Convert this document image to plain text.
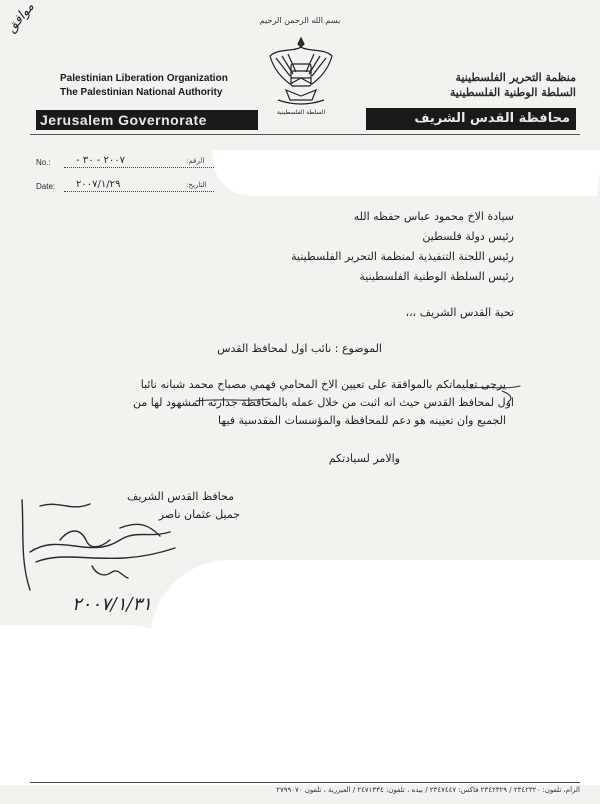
بسم الله الرحمن الرحيم
السلطة الفلسطينية
Palestinian Liberation Organization
The Palestinian National Authority
Jerusalem Governorate
منظمة التحرير الفلسطينية
السلطة الوطنية الفلسطينية
محافظة القدس الشريف
No.:	٢٠٠٧ - ٣٠ -	الرقم:
Date: ٢٠٠٧/١/٢٩	التاريخ:
سيادة الاخ محمود عباس حفظه الله
رئيس دولة فلسطين
رئيس اللجنة التنفيذية لمنظمة التحرير الفلسطينية
رئيس السلطة الوطنية الفلسطينية
تحية القدس الشريف ،،،
الموضوع : نائب اول لمحافظ القدس
يرجى تعليماتكم بالموافقة على تعيين الاخ المحامي فهمي مصباح محمد شبانه نائبا
اول لمحافظ القدس حيث انه اثبت من خلال عمله بالمحافظة جدارته المشهود لها من
الجميع وان تعيينه هو دعم للمحافظة والمؤسسات المقدسية فيها
والامر لسيادتكم
محافظ القدس الشريف
جميل عثمان ناصر
موافق
٢٠٠٧/١/٣١
الرام، تلفون: ٢٣٤٢٣٢٠ / ٢٣٤٢٣٢٩ فاكس: ٢٣٤٧٤٤٧ / بيده ، تلفون: ٢٤٧١٣٣٤ / العيزرية ، تلفون ٢٧٩٩٠٧٠
